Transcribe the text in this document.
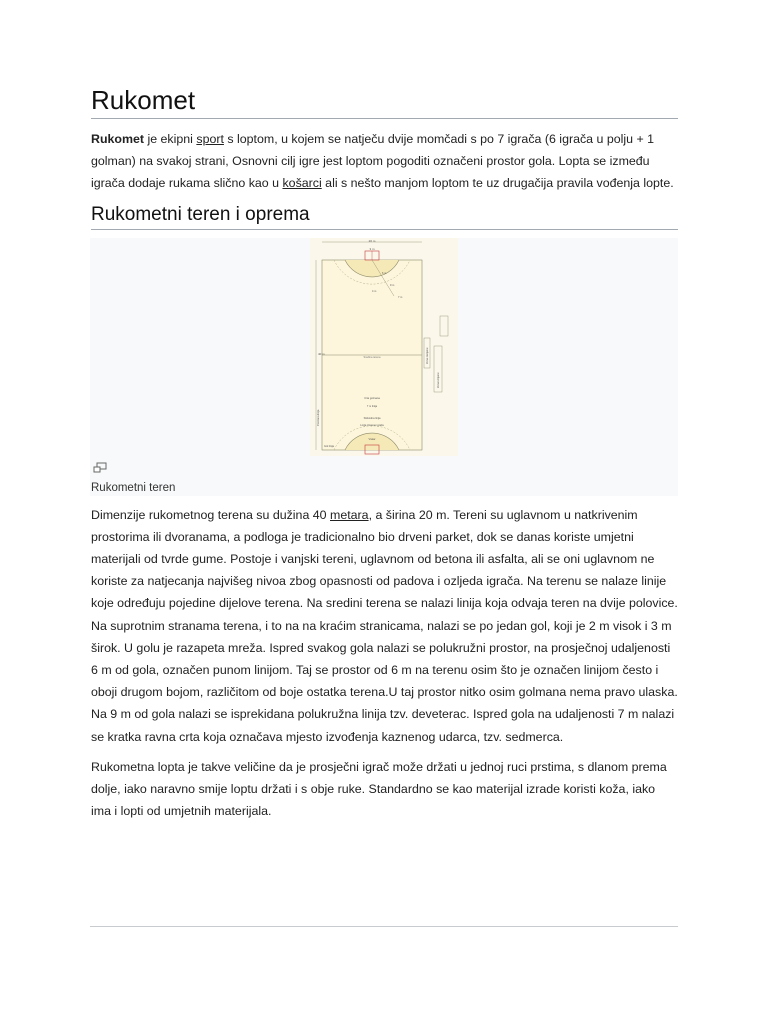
Rukomet

Rukomet je ekipni sport s loptom, u kojem se natječu dvije momčadi s po 7 igrača (6 igrača u polju + 1 golman) na svakoj strani, Osnovni cilj igre jest loptom pogoditi označeni prostor gola. Lopta se između igrača dodaje rukama slično kao u košarci ali s nešto manjom loptom te uz drugačija pravila vođenja lopte.

Rukometni teren i oprema
20 m
40 m
3 m
Sredina terena
Crta golmana
7 m linija
Slobodna linija
Linija izmjene igrača
Vratar
Gol linija
Postrana linija
Zona zamjene
Zona izmjene
6 m
9 m
4 m
7 m
Rukometni teren

Dimenzije rukometnog terena su dužina 40 metara, a širina 20 m. Tereni su uglavnom u natkrivenim prostorima ili dvoranama, a podloga je tradicionalno bio drveni parket, dok se danas koriste umjetni materijali od tvrde gume. Postoje i vanjski tereni, uglavnom od betona ili asfalta, ali se oni uglavnom ne koriste za natjecanja najvišeg nivoa zbog opasnosti od padova i ozljeda igrača. Na terenu se nalaze linije koje određuju pojedine dijelove terena. Na sredini terena se nalazi linija koja odvaja teren na dvije polovice. Na suprotnim stranama terena, i to na na kraćim stranicama, nalazi se po jedan gol, koji je 2 m visok i 3 m širok. U golu je razapeta mreža. Ispred svakog gola nalazi se polukružni prostor, na prosječnoj udaljenosti 6 m od gola, označen punom linijom. Taj se prostor od 6 m na terenu osim što je označen linijom često i oboji drugom bojom, različitom od boje ostatka terena.U taj prostor nitko osim golmana nema pravo ulaska. Na 9 m od gola nalazi se isprekidana polukružna linija tzv. deveterac. Ispred gola na udaljenosti 7 m nalazi se kratka ravna crta koja označava mjesto izvođenja kaznenog udarca, tzv. sedmerca.

Rukometna lopta je takve veličine da je prosječni igrač može držati u jednoj ruci prstima, s dlanom prema dolje, iako naravno smije loptu držati i s obje ruke. Standardno se kao materijal izrade koristi koža, iako ima i lopti od umjetnih materijala.
